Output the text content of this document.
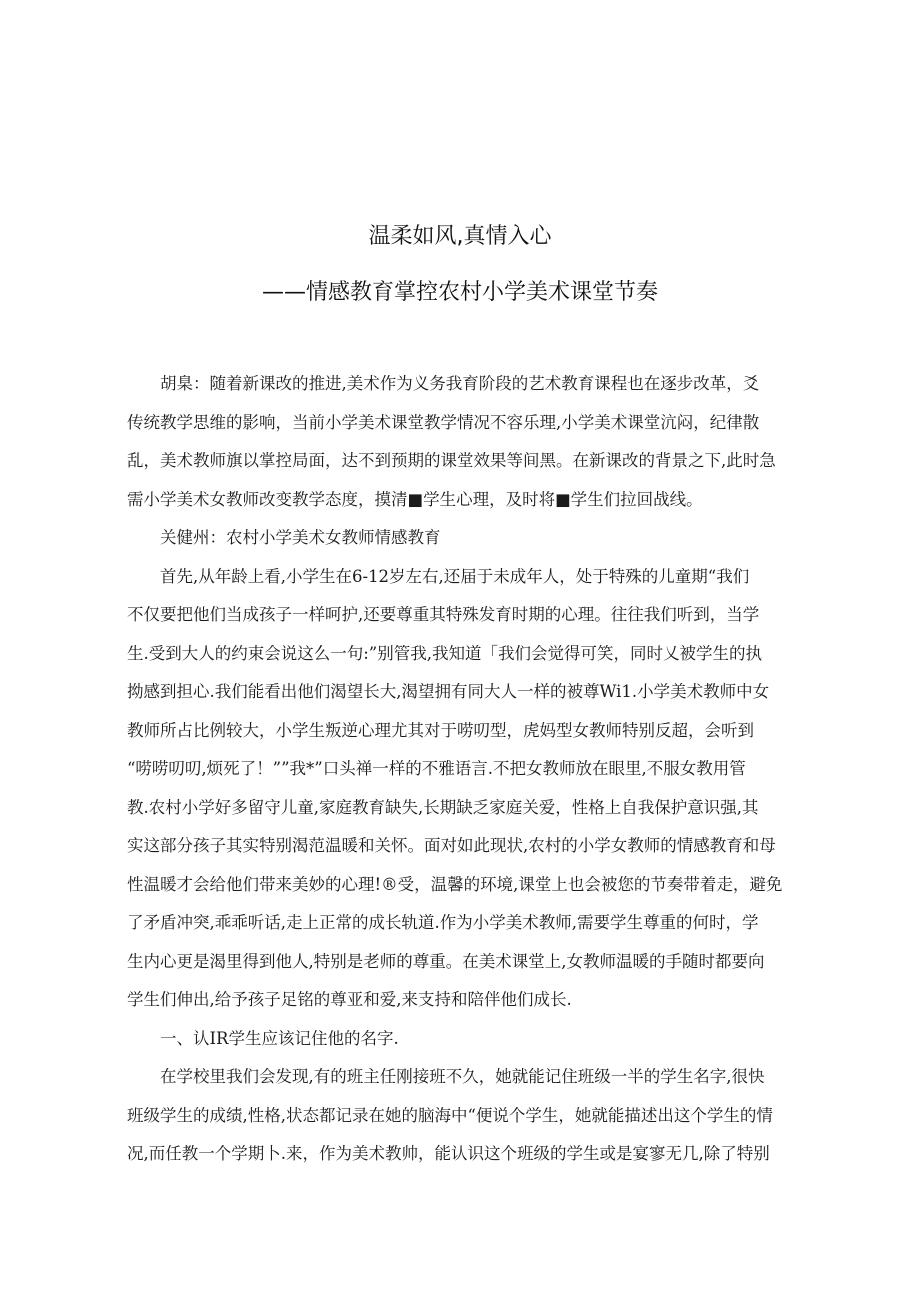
温柔如风,真情入心
——情感教育掌控农村小学美术课堂节奏
胡臬：随着新课改的推进,美术作为义务我育阶段的艺术教育课程也在逐步改革，爻
传统教学思维的影响，当前小学美术课堂教学情况不容乐理,小学美术课堂沆闷，纪律散
乱，美术教师旗以掌控局面，达不到预期的课堂效果等间黑。在新课改的背景之下,此时急
需小学美术女教师改变教学态度，摸清■学生心理，及时将■学生们拉回战线。
关健州：农村小学美术女教师情感教育
首先,从年龄上看,小学生在6-12岁左右,还届于未成年人，处于特殊的儿童期“我们
不仅要把他们当成孩子一样呵护,还要尊重其特殊发育时期的心理。往往我们听到，当学
生.受到大人的约束会说这么一句:”别管我,我知道「我们会觉得可笑，同时乂被学生的执
拗感到担心.我们能看出他们渴望长大,渴望拥有同大人一样的被尊Wi1.小学美术教师中女
教师所占比例较大，小学生叛逆心理尤其对于唠叨型，虎妈型女教师特别反超，会听到
“唠唠叨叨,烦死了！””我*”口头禅一样的不雅语言.不把女教师放在眼里,不服女教用管
教.农村小学好多留守儿童,家庭教育缺失,长期缺乏家庭关爱，性格上自我保护意识强,其
实这部分孩子其实特别渴范温暖和关怀。面对如此现状,农村的小学女教师的情感教育和母
性温暖才会给他们带来美妙的心理!®受，温馨的环境,课堂上也会被您的节奏带着走，避免
了矛盾冲突,乖乖听话,走上正常的成长轨道.作为小学美术教师,需要学生尊重的何时，学
生内心更是渴里得到他人,特别是老师的尊重。在美术课堂上,女教师温暖的手随时都要向
学生们伸出,给予孩子足铭的尊亚和爱,来支持和陪伴他们成长.
一、认IR学生应该记住他的名字.
在学校里我们会发现,有的班主任刚接班不久，她就能记住班级一半的学生名字,很快
班级学生的成绩,性格,状态都记录在她的脑海中“便说个学生，她就能描述出这个学生的情
况,而任教一个学期卜.来，作为美术教帅，能认识这个班级的学生或是宴寥无几,除了特别
